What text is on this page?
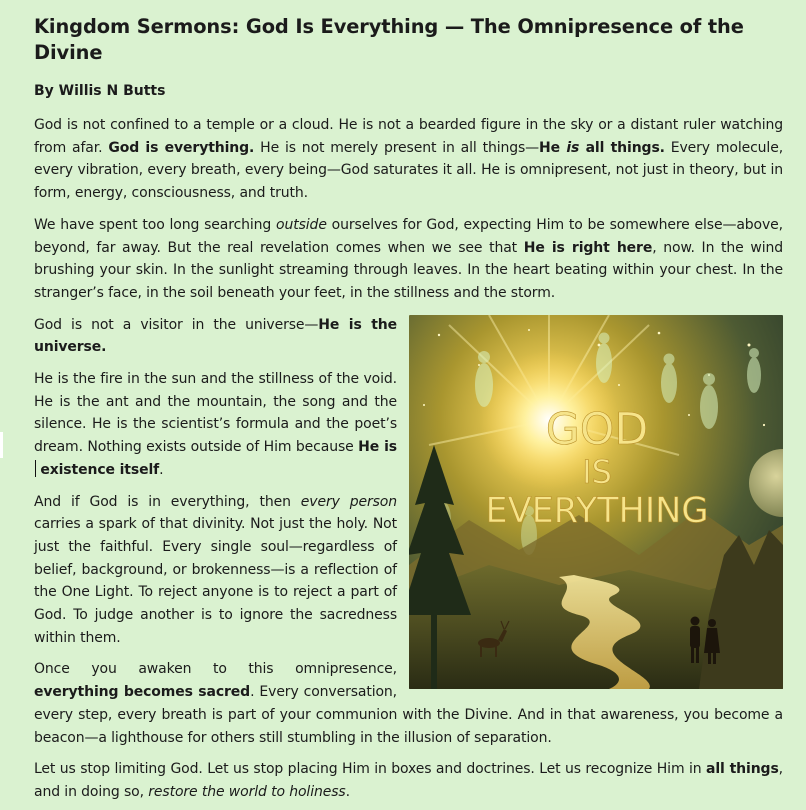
Kingdom Sermons: God Is Everything — The Omnipresence of the Divine
By Willis N Butts

God is not confined to a temple or a cloud. He is not a bearded figure in the sky or a distant ruler watching from afar. God is everything. He is not merely present in all things—He is all things. Every molecule, every vibration, every breath, every being—God saturates it all. He is omnipresent, not just in theory, but in form, energy, consciousness, and truth.

We have spent too long searching outside ourselves for God, expecting Him to be somewhere else—above, beyond, far away. But the real revelation comes when we see that He is right here, now. In the wind brushing your skin. In the sunlight streaming through leaves. In the heart beating within your chest. In the stranger’s face, in the soil beneath your feet, in the stillness and the storm.

GOD
IS
EVERYTHING

God is not a visitor in the universe—He is the universe.

He is the fire in the sun and the stillness of the void. He is the ant and the mountain, the song and the silence. He is the scientist’s formula and the poet’s dream. Nothing exists outside of Him because He is existence itself.

And if God is in everything, then every person carries a spark of that divinity. Not just the holy. Not just the faithful. Every single soul—regardless of belief, background, or brokenness—is a reflection of the One Light. To reject anyone is to reject a part of God. To judge another is to ignore the sacredness within them.

Once you awaken to this omnipresence, everything becomes sacred. Every conversation, every step, every breath is part of your communion with the Divine. And in that awareness, you become a beacon—a lighthouse for others still stumbling in the illusion of separation.

Let us stop limiting God. Let us stop placing Him in boxes and doctrines. Let us recognize Him in all things, and in doing so, restore the world to holiness.
